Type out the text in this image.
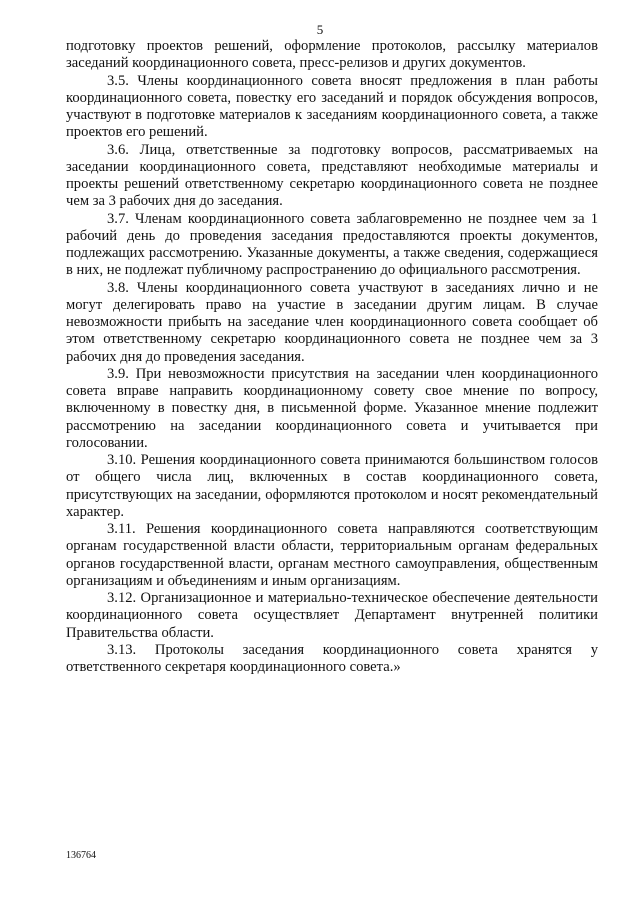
5

подготовку проектов решений, оформление протоколов, рассылку материалов заседаний координационного совета, пресс-релизов и других документов.

3.5. Члены координационного совета вносят предложения в план работы координационного совета, повестку его заседаний и порядок обсуждения вопросов, участвуют в подготовке материалов к заседаниям координационного совета, а также проектов его решений.

3.6. Лица, ответственные за подготовку вопросов, рассматриваемых на заседании координационного совета, представляют необходимые материалы и проекты решений ответственному секретарю координационного совета не позднее чем за 3 рабочих дня до заседания.

3.7. Членам координационного совета заблаговременно не позднее чем за 1 рабочий день до проведения заседания предоставляются проекты документов, подлежащих рассмотрению. Указанные документы, а также сведения, содержащиеся в них, не подлежат публичному распространению до официального рассмотрения.

3.8. Члены координационного совета участвуют в заседаниях лично и не могут делегировать право на участие в заседании другим лицам. В случае невозможности прибыть на заседание член координационного совета сообщает об этом ответственному секретарю координационного совета не позднее чем за 3 рабочих дня до проведения заседания.

3.9. При невозможности присутствия на заседании член координационного совета вправе направить координационному совету свое мнение по вопросу, включенному в повестку дня, в письменной форме. Указанное мнение подлежит рассмотрению на заседании координационного совета и учитывается при голосовании.

3.10. Решения координационного совета принимаются большинством голосов от общего числа лиц, включенных в состав координационного совета, присутствующих на заседании, оформляются протоколом и носят рекомендательный характер.

3.11. Решения координационного совета направляются соответствующим органам государственной власти области, территориальным органам федеральных органов государственной власти, органам местного самоуправления, общественным организациям и объединениям и иным организациям.

3.12. Организационное и материально-техническое обеспечение деятельности координационного совета осуществляет Департамент внутренней политики Правительства области.

3.13. Протоколы заседания координационного совета хранятся у ответственного секретаря координационного совета.»

136764
